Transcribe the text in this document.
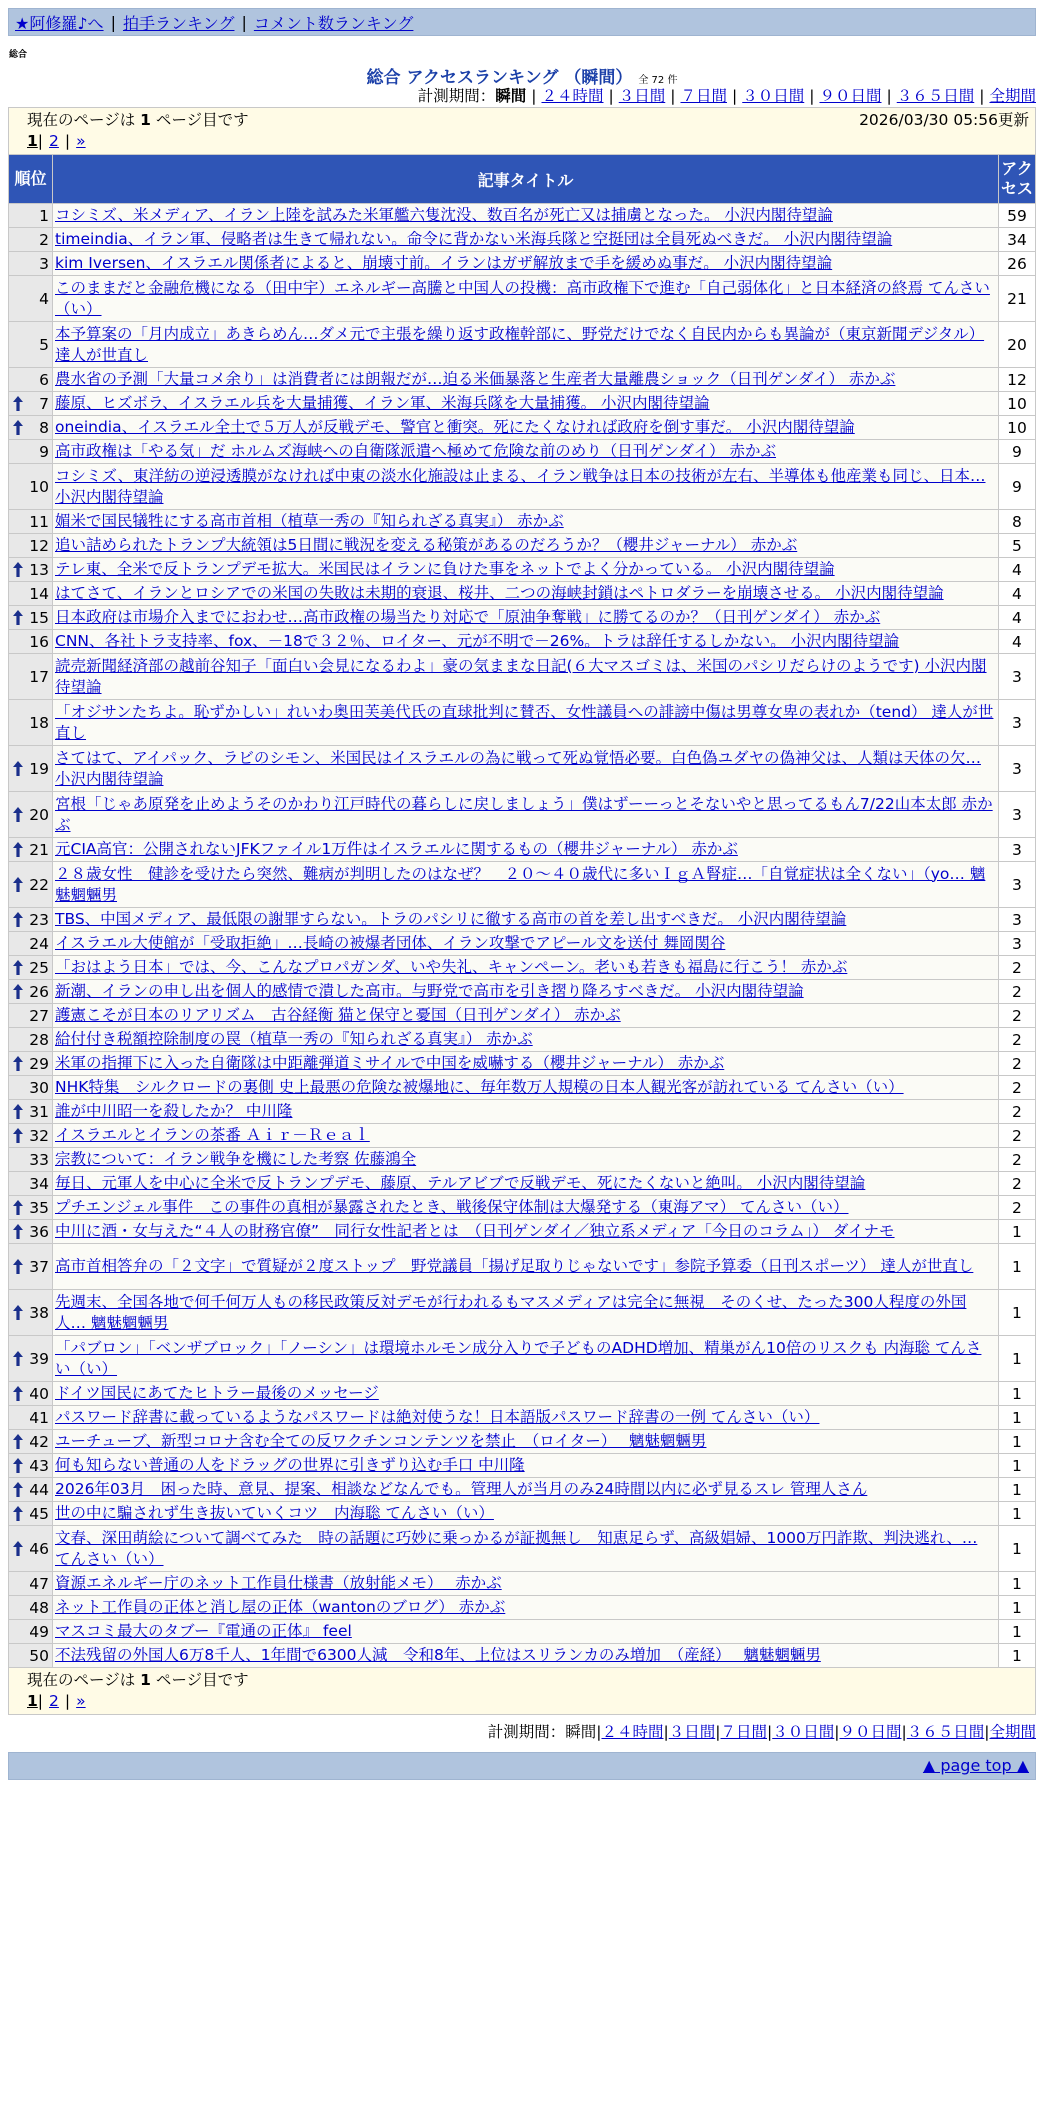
★阿修羅♪へ | 拍手ランキング | コメント数ランキング
総合
総合 アクセスランキング （瞬間） 全 72 件
計測期間：瞬間 | ２４時間 | ３日間 | ７日間 | ３０日間 | ９０日間 | ３６５日間 | 全期間
現在のページは 1 ページ目です 2026/03/30 05:56更新
1| 2 | »		

順位	記事タイトル	アクセス
1	コシミズ、米メディア、イラン上陸を試みた米軍艦六隻沈没、数百名が死亡又は捕虜となった。 小沢内閣待望論	59
2	timeindia、イラン軍、侵略者は生きて帰れない。命令に背かない米海兵隊と空挺団は全員死ぬべきだ。 小沢内閣待望論	34
3	kim Iversen、イスラエル関係者によると、崩壊寸前。イランはガザ解放まで手を緩めぬ事だ。 小沢内閣待望論	26
4	このままだと金融危機になる（田中宇）エネルギー高騰と中国人の投機：高市政権下で進む「自己弱体化」と日本経済の終焉 てんさい（い）	21
5	本予算案の「月内成立」あきらめん…ダメ元で主張を繰り返す政権幹部に、野党だけでなく自民内からも異論が（東京新聞デジタル） 達人が世直し	20
6	農水省の予測「大量コメ余り」は消費者には朗報だが…迫る米価暴落と生産者大量離農ショック（日刊ゲンダイ） 赤かぶ	12

7	藤原、ヒズボラ、イスラエル兵を大量捕獲、イラン軍、米海兵隊を大量捕獲。 小沢内閣待望論	10

8	oneindia、イスラエル全土で５万人が反戦デモ、警官と衝突。死にたくなければ政府を倒す事だ。 小沢内閣待望論	10
9	高市政権は「やる気」だ ホルムズ海峡への自衛隊派遣へ極めて危険な前のめり（日刊ゲンダイ） 赤かぶ	9
10	コシミズ、東洋紡の逆浸透膜がなければ中東の淡水化施設は止まる、イラン戦争は日本の技術が左右、半導体も他産業も同じ、日本… 小沢内閣待望論	9
11	媚米で国民犠牲にする高市首相（植草一秀の『知られざる真実』） 赤かぶ	8
12	追い詰められたトランプ大統領は5日間に戦況を変える秘策があるのだろうか？（櫻井ジャーナル） 赤かぶ	5

13	テレ東、全米で反トランプデモ拡大。米国民はイランに負けた事をネットでよく分かっている。 小沢内閣待望論	4
14	はてさて、イランとロシアでの米国の失敗は未期的衰退、桜井、二つの海峡封鎖はペトロダラーを崩壊させる。 小沢内閣待望論	4

15	日本政府は市場介入までにおわせ…高市政権の場当たり対応で「原油争奪戦」に勝てるのか？（日刊ゲンダイ） 赤かぶ	4
16	CNN、各社トラ支持率、fox、－18で３２％、ロイター、元が不明で－26%。トラは辞任するしかない。 小沢内閣待望論	4
17	読売新聞経済部の越前谷知子「面白い会見になるわよ」豪の気ままな日記(６大マスゴミは、米国のパシリだらけのようです) 小沢内閣待望論	3
18	「オジサンたちよ。恥ずかしい」れいわ奥田芙美代氏の直球批判に賛否、女性議員への誹謗中傷は男尊女卑の表れか（tend） 達人が世直し	3

19	さてはて、アイパック、ラビのシモン、米国民はイスラエルの為に戦って死ぬ覚悟必要。白色偽ユダヤの偽神父は、人類は天体の欠… 小沢内閣待望論	3

20	宮根「じゃあ原発を止めようそのかわり江戸時代の暮らしに戻しましょう」僕はずーーっとそないやと思ってるもん7/22山本太郎 赤かぶ	3

21	元CIA高官：公開されないJFKファイル1万件はイスラエルに関するもの（櫻井ジャーナル） 赤かぶ	3

22	２８歳女性　健診を受けたら突然、難病が判明したのはなぜ？　２０～４０歳代に多いＩｇＡ腎症…「自覚症状は全くない」（yo… 魑魅魍魎男	3

23	TBS、中国メディア、最低限の謝罪すらない。トラのパシリに徹する高市の首を差し出すべきだ。 小沢内閣待望論	3
24	イスラエル大使館が「受取拒絶」…長崎の被爆者団体、イラン攻撃でアピール文を送付 舞岡関谷	3

25	「おはよう日本」では、今、こんなプロパガンダ、いや失礼、キャンペーン。老いも若きも福島に行こう！ 赤かぶ	2

26	新潮、イランの申し出を個人的感情で潰した高市。与野党で高市を引き摺り降ろすべきだ。 小沢内閣待望論	2
27	護憲こそが日本のリアリズム　古谷経衡 猫と保守と憂国（日刊ゲンダイ） 赤かぶ	2
28	給付付き税額控除制度の罠（植草一秀の『知られざる真実』） 赤かぶ	2

29	米軍の指揮下に入った自衛隊は中距離弾道ミサイルで中国を威嚇する（櫻井ジャーナル） 赤かぶ	2
30	NHK特集　シルクロードの裏側 史上最悪の危険な被爆地に、毎年数万人規模の日本人観光客が訪れている てんさい（い）	2

31	誰が中川昭一を殺したか？ 中川隆	2

32	イスラエルとイランの茶番 Ａｉｒ－Ｒｅａｌ	2
33	宗教について：イラン戦争を機にした考察 佐藤鴻全	2
34	毎日、元軍人を中心に全米で反トランプデモ、藤原、テルアビブで反戦デモ、死にたくないと絶叫。 小沢内閣待望論	2

35	プチエンジェル事件　この事件の真相が暴露されたとき、戦後保守体制は大爆発する（東海アマ） てんさい（い）	2

36	中川に酒・女与えた“４人の財務官僚”　同行女性記者とは　（日刊ゲンダイ／独立系メディア「今日のコラム」） ダイナモ	1

37	高市首相答弁の「２文字」で質疑が２度ストップ　野党議員「揚げ足取りじゃないです」参院予算委（日刊スポーツ） 達人が世直し	1

38	先週末、全国各地で何千何万人もの移民政策反対デモが行われるもマスメディアは完全に無視　そのくせ、たった300人程度の外国人… 魑魅魍魎男	1

39	「パブロン」「ベンザブロック」「ノーシン」は環境ホルモン成分入りで子どものADHD増加、精巣がん10倍のリスクも 内海聡 てんさい（い）	1

40	ドイツ国民にあてたヒトラー最後のメッセージ	1
41	パスワード辞書に載っているようなパスワードは絶対使うな！日本語版パスワード辞書の一例 てんさい（い）	1

42	ユーチューブ、新型コロナ含む全ての反ワクチンコンテンツを禁止　（ロイター）　 魑魅魍魎男	1

43	何も知らない普通の人をドラッグの世界に引きずり込む手口 中川隆	1

44	2026年03月　困った時、意見、提案、相談などなんでも。管理人が当月のみ24時間以内に必ず見るスレ 管理人さん	1

45	世の中に騙されず生き抜いていくコツ　内海聡 てんさい（い）	1

46	文春、深田萌絵について調べてみた　時の話題に巧妙に乗っかるが証拠無し　知恵足らず、高級娼婦、1000万円詐欺、判決逃れ、… てんさい（い）	1
47	資源エネルギー庁のネット工作員仕様書（放射能メモ）　 赤かぶ	1
48	ネット工作員の正体と消し屋の正体（wantonのブログ） 赤かぶ	1
49	マスコミ最大のタブー『電通の正体』 feel	1
50	不法残留の外国人6万8千人、1年間で6300人減　令和8年、上位はスリランカのみ増加　（産経）　 魑魅魍魎男	1
現在のページは 1 ページ目です
1| 2 | »		
計測期間：瞬間|２４時間|３日間|７日間|３０日間|９０日間|３６５日間|全期間
▲ page top ▲
